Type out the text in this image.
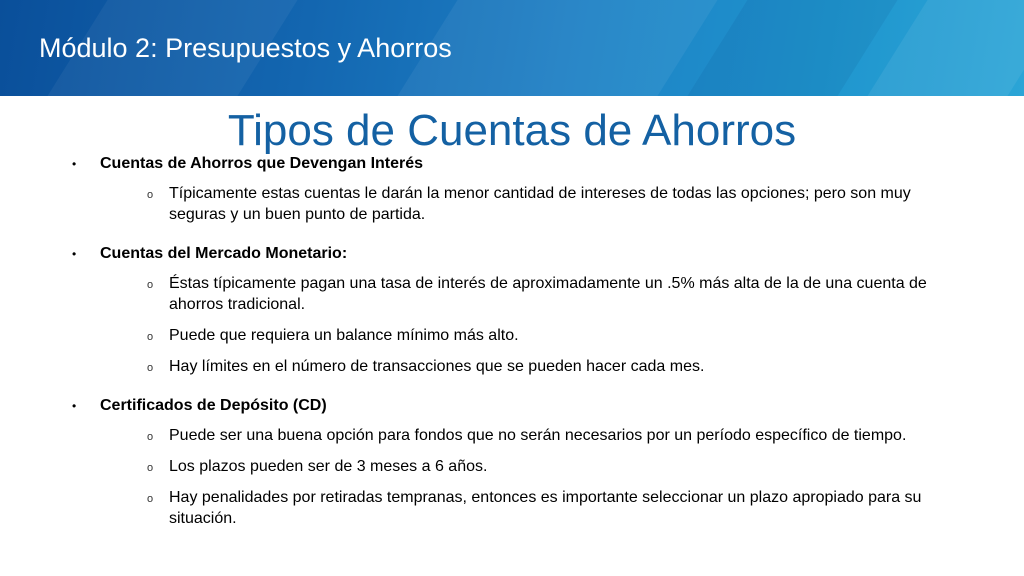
Módulo 2: Presupuestos y Ahorros
Tipos de Cuentas de Ahorros
• Cuentas de Ahorros que Devengan Interés
o Típicamente estas cuentas le darán la menor cantidad de intereses de todas las opciones; pero son muy seguras y un buen punto de partida.
• Cuentas del Mercado Monetario:
o Éstas típicamente pagan una tasa de interés de aproximadamente un .5% más alta de la de una cuenta de ahorros tradicional.
o Puede que requiera un balance mínimo más alto.
o Hay límites en el número de transacciones que se pueden hacer cada mes.
• Certificados de Depósito (CD)
o Puede ser una buena opción para fondos que no serán necesarios por un período específico de tiempo.
o Los plazos pueden ser de 3 meses a 6 años.
o Hay penalidades por retiradas tempranas, entonces es importante seleccionar un plazo apropiado para su situación.
